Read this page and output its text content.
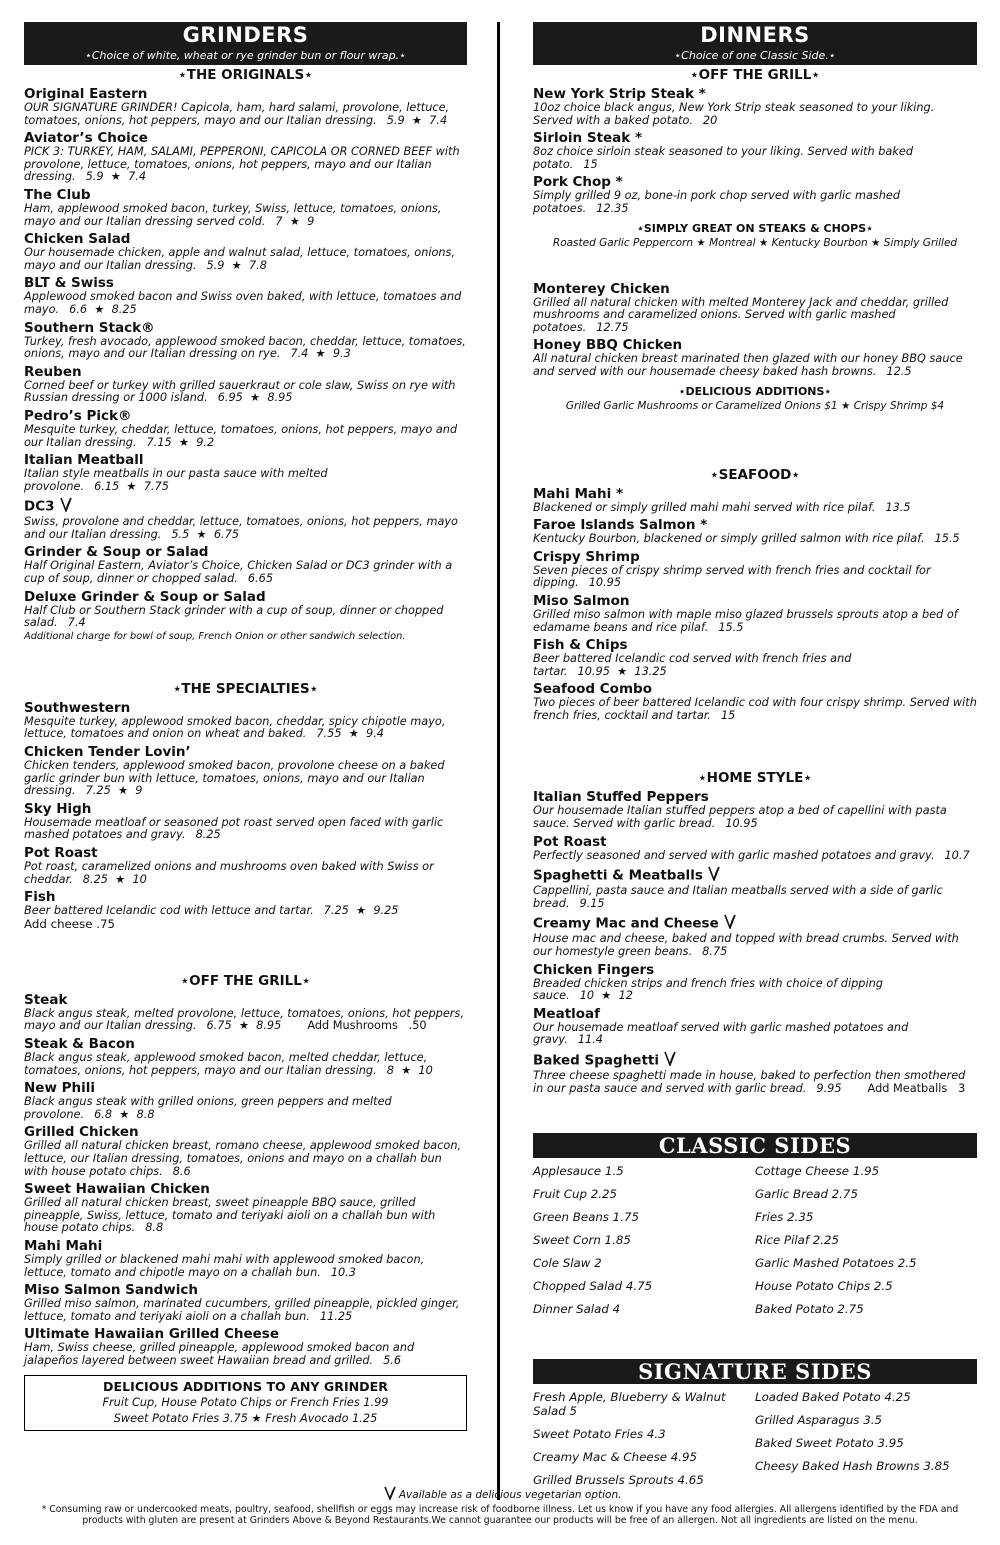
GRINDERS
⋆Choice of white, wheat or rye grinder bun or flour wrap.⋆
⋆THE ORIGINALS⋆
Original Eastern
OUR SIGNATURE GRINDER! Capicola, ham, hard salami, provolone, lettuce, tomatoes, onions, hot peppers, mayo and our Italian dressing. 5.9  ★  7.4
Aviator’s Choice
PICK 3: TURKEY, HAM, SALAMI, PEPPERONI, CAPICOLA OR CORNED BEEF with provolone, lettuce, tomatoes, onions, hot peppers, mayo and our Italian dressing. 5.9  ★  7.4
The Club
Ham, applewood smoked bacon, turkey, Swiss, lettuce, tomatoes, onions, mayo and our Italian dressing served cold. 7  ★  9
Chicken Salad
Our housemade chicken, apple and walnut salad, lettuce, tomatoes, onions, mayo and our Italian dressing. 5.9  ★  7.8
BLT & Swiss
Applewood smoked bacon and Swiss oven baked, with lettuce, tomatoes and mayo. 6.6  ★  8.25
Southern Stack®
Turkey, fresh avocado, applewood smoked bacon, cheddar, lettuce, tomatoes, onions, mayo and our Italian dressing on rye. 7.4  ★  9.3
Reuben
Corned beef or turkey with grilled sauerkraut or cole slaw, Swiss on rye with Russian dressing or 1000 island. 6.95  ★  8.95
Pedro’s Pick®
Mesquite turkey, cheddar, lettuce, tomatoes, onions, hot peppers, mayo and our Italian dressing. 7.15  ★  9.2
Italian Meatball
Italian style meatballs in our pasta sauce with melted provolone. 6.15  ★  7.75
DC3
Swiss, provolone and cheddar, lettuce, tomatoes, onions, hot peppers, mayo and our Italian dressing. 5.5  ★  6.75
Grinder & Soup or Salad
Half Original Eastern, Aviator’s Choice, Chicken Salad or DC3 grinder with a cup of soup, dinner or chopped salad. 6.65
Deluxe Grinder & Soup or Salad
Half Club or Southern Stack grinder with a cup of soup, dinner or chopped salad. 7.4
Additional charge for bowl of soup, French Onion or other sandwich selection.
⋆THE SPECIALTIES⋆
Southwestern
Mesquite turkey, applewood smoked bacon, cheddar, spicy chipotle mayo, lettuce, tomatoes and onion on wheat and baked. 7.55  ★  9.4
Chicken Tender Lovin’
Chicken tenders, applewood smoked bacon, provolone cheese on a baked garlic grinder bun with lettuce, tomatoes, onions, mayo and our Italian dressing. 7.25  ★  9
Sky High
Housemade meatloaf or seasoned pot roast served open faced with garlic mashed potatoes and gravy. 8.25
Pot Roast
Pot roast, caramelized onions and mushrooms oven baked with Swiss or cheddar. 8.25  ★  10
Fish
Beer battered Icelandic cod with lettuce and tartar. 7.25  ★  9.25
Add cheese .75
⋆OFF THE GRILL⋆
Steak
Black angus steak, melted provolone, lettuce, tomatoes, onions, hot peppers, mayo and our Italian dressing. 6.75  ★  8.95 Add Mushrooms   .50
Steak & Bacon
Black angus steak, applewood smoked bacon, melted cheddar, lettuce, tomatoes, onions, hot peppers, mayo and our Italian dressing. 8  ★  10
New Phili
Black angus steak with grilled onions, green peppers and melted provolone. 6.8  ★  8.8
Grilled Chicken
Grilled all natural chicken breast, romano cheese, applewood smoked bacon, lettuce, our Italian dressing, tomatoes, onions and mayo on a challah bun with house potato chips. 8.6
Sweet Hawaiian Chicken
Grilled all natural chicken breast, sweet pineapple BBQ sauce, grilled pineapple, Swiss, lettuce, tomato and teriyaki aioli on a challah bun with house potato chips. 8.8
Mahi Mahi
Simply grilled or blackened mahi mahi with applewood smoked bacon, lettuce, tomato and chipotle mayo on a challah bun. 10.3
Miso Salmon Sandwich
Grilled miso salmon, marinated cucumbers, grilled pineapple, pickled ginger, lettuce, tomato and teriyaki aioli on a challah bun. 11.25
Ultimate Hawaiian Grilled Cheese
Ham, Swiss cheese, grilled pineapple, applewood smoked bacon and jalapeños layered between sweet Hawaiian bread and grilled. 5.6
DELICIOUS ADDITIONS TO ANY GRINDER
Fruit Cup, House Potato Chips or French Fries 1.99
Sweet Potato Fries 3.75 ★ Fresh Avocado 1.25
DINNERS
⋆Choice of one Classic Side.⋆
⋆OFF THE GRILL⋆
New York Strip Steak *
10oz choice black angus, New York Strip steak seasoned to your liking. Served with a baked potato. 20
Sirloin Steak *
8oz choice sirloin steak seasoned to your liking. Served with baked potato. 15
Pork Chop *
Simply grilled 9 oz, bone-in pork chop served with garlic mashed potatoes. 12.35
⋆SIMPLY GREAT ON STEAKS & CHOPS⋆
Roasted Garlic Peppercorn ★ Montreal ★ Kentucky Bourbon ★ Simply Grilled
Monterey Chicken
Grilled all natural chicken with melted Monterey Jack and cheddar, grilled mushrooms and caramelized onions. Served with garlic mashed potatoes. 12.75
Honey BBQ Chicken
All natural chicken breast marinated then glazed with our honey BBQ sauce and served with our housemade cheesy baked hash browns. 12.5
⋆DELICIOUS ADDITIONS⋆
Grilled Garlic Mushrooms or Caramelized Onions $1 ★ Crispy Shrimp $4
⋆SEAFOOD⋆
Mahi Mahi *
Blackened or simply grilled mahi mahi served with rice pilaf. 13.5
Faroe Islands Salmon *
Kentucky Bourbon, blackened or simply grilled salmon with rice pilaf. 15.5
Crispy Shrimp
Seven pieces of crispy shrimp served with french fries and cocktail for dipping. 10.95
Miso Salmon
Grilled miso salmon with maple miso glazed brussels sprouts atop a bed of edamame beans and rice pilaf. 15.5
Fish & Chips
Beer battered Icelandic cod served with french fries and tartar. 10.95  ★  13.25
Seafood Combo
Two pieces of beer battered Icelandic cod with four crispy shrimp. Served with french fries, cocktail and tartar. 15
⋆HOME STYLE⋆
Italian Stuffed Peppers
Our housemade Italian stuffed peppers atop a bed of capellini with pasta sauce. Served with garlic bread. 10.95
Pot Roast
Perfectly seasoned and served with garlic mashed potatoes and gravy. 10.7
Spaghetti & Meatballs
Cappellini, pasta sauce and Italian meatballs served with a side of garlic bread. 9.15
Creamy Mac and Cheese
House mac and cheese, baked and topped with bread crumbs. Served with our homestyle green beans. 8.75
Chicken Fingers
Breaded chicken strips and french fries with choice of dipping sauce. 10  ★  12
Meatloaf
Our housemade meatloaf served with garlic mashed potatoes and gravy. 11.4
Baked Spaghetti
Three cheese spaghetti made in house, baked to perfection then smothered in our pasta sauce and served with garlic bread. 9.95 Add Meatballs   3
CLASSIC SIDES
Applesauce 1.5
Fruit Cup 2.25
Green Beans 1.75
Sweet Corn 1.85
Cole Slaw 2
Chopped Salad 4.75
Dinner Salad 4
Cottage Cheese 1.95
Garlic Bread 2.75
Fries 2.35
Rice Pilaf 2.25
Garlic Mashed Potatoes 2.5
House Potato Chips 2.5
Baked Potato 2.75
SIGNATURE SIDES
Fresh Apple, Blueberry & Walnut Salad 5
Sweet Potato Fries 4.3
Creamy Mac & Cheese 4.95
Grilled Brussels Sprouts 4.65
Loaded Baked Potato 4.25
Grilled Asparagus 3.5
Baked Sweet Potato 3.95
Cheesy Baked Hash Browns 3.85
Available as a delicious vegetarian option.
* Consuming raw or undercooked meats, poultry, seafood, shellfish or eggs may increase risk of foodborne illness. Let us know if you have any food allergies. All allergens identified by the FDA and products with gluten are present at Grinders Above & Beyond Restaurants.We cannot guarantee our products will be free of an allergen. Not all ingredients are listed on the menu.
